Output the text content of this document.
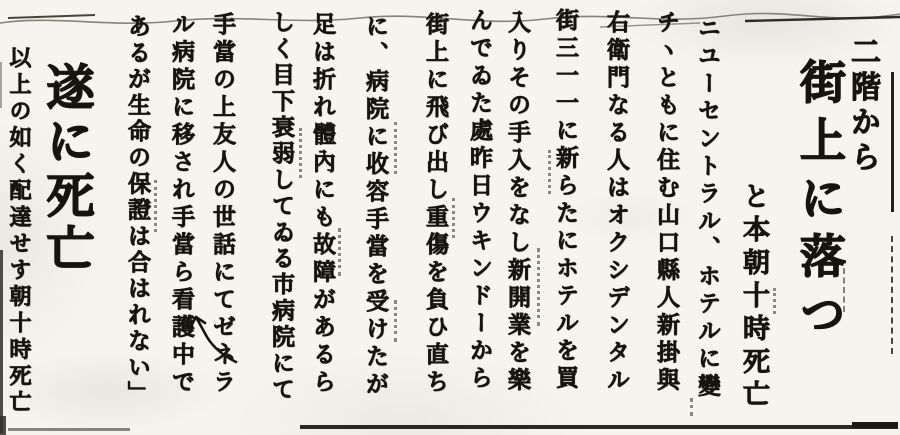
二階から
街上に落つ
と本朝十時死亡
ニユーセントラル、ホテルに變
チヽともに住む山口縣人新掛與
右衛門なる人はオクシデンタル
街三一一に新らたにホテルを買
入りその手入をなし新開業を樂
んでゐた處昨日ウキンドーから
街上に飛び出し重傷を負ひ直ち
に、病院に收容手當を受けたが
足は折れ體內にも故障があるら
しく目下衰弱してゐる市病院にて
手當の上友人の世話にてゼネラ
ル病院に移され手當ら看護中で
あるが生命の保證は合はれない」
遂に死亡
以上の如く配達せす朝十時死亡
